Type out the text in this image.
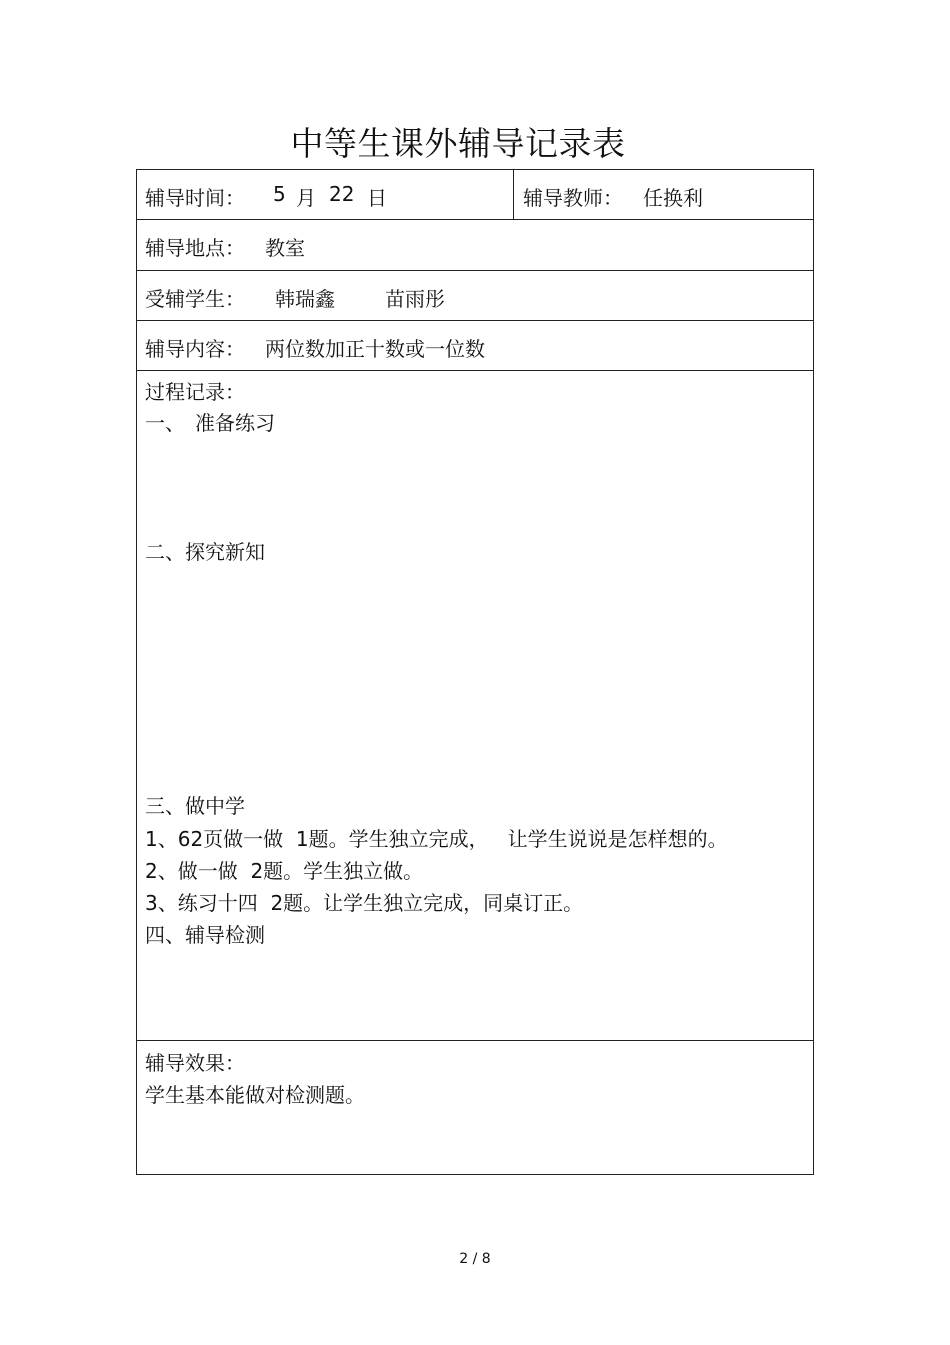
中等生课外辅导记录表
辅导时间： 5 月 22 日	辅导教师： 任换利
辅导地点： 教室
受辅学生： 韩瑞鑫	苗雨彤
辅导内容： 两位数加正十数或一位数
过程记录：
一、　准备练习
二、探究新知
三、做中学
1、62页做一做  1题。学生独立完成，   让学生说说是怎样想的。
2、做一做  2题。学生独立做。
3、练习十四  2题。让学生独立完成，同桌订正。
四、辅导检测
辅导效果：
学生基本能做对检测题。
2 / 8
